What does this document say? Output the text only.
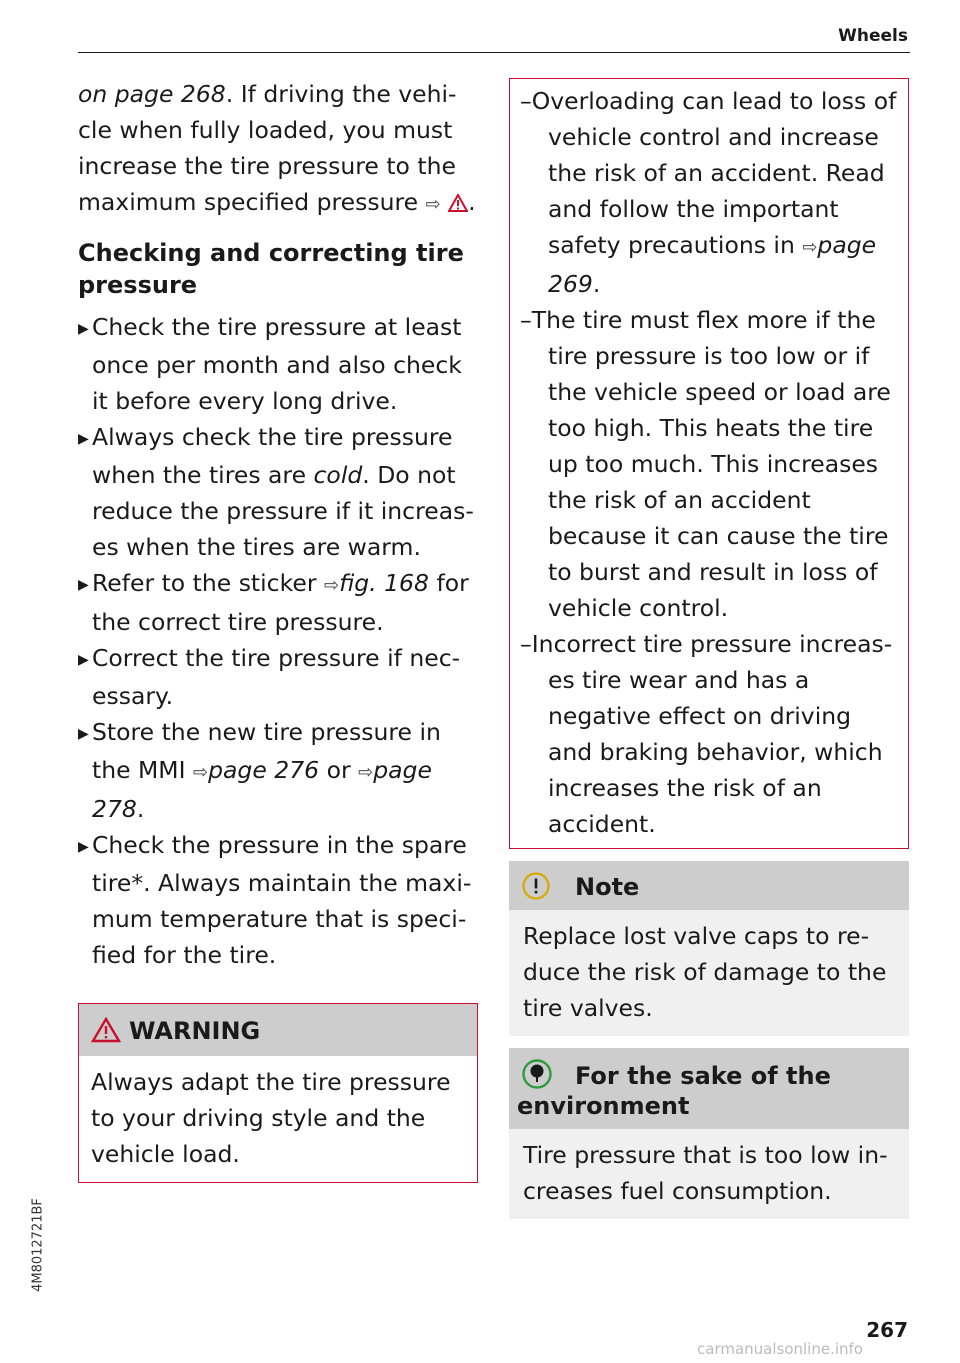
Wheels

on page 268. If driving the vehicle when fully loaded, you must increase the tire pressure to the maximum specified pressure ⇨ .

Checking and correcting tire pressure

▶ Check the tire pressure at least once per month and also check it before every long drive.

▶ Always check the tire pressure when the tires are cold. Do not reduce the pressure if it increases when the tires are warm.

▶ Refer to the sticker ⇨fig. 168 for the correct tire pressure.

▶ Correct the tire pressure if necessary.

▶ Store the new tire pressure in the MMI ⇨page 276 or ⇨page 278.

▶ Check the pressure in the spare tire*. Always maintain the maximum temperature that is specified for the tire.

WARNING
Always adapt the tire pressure to your driving style and the vehicle load.

–Overloading can lead to loss of vehicle control and increase the risk of an accident. Read and follow the important safety precautions in ⇨page 269.

–The tire must flex more if the tire pressure is too low or if the vehicle speed or load are too high. This heats the tire up too much. This increases the risk of an accident because it can cause the tire to burst and result in loss of vehicle control.

–Incorrect tire pressure increases tire wear and has a negative effect on driving and braking behavior, which increases the risk of an accident.

Note
Replace lost valve caps to reduce the risk of damage to the tire valves.
For the sake of the environment
Tire pressure that is too low increases fuel consumption.
4M8012721BF
267
carmanualsonline.info
